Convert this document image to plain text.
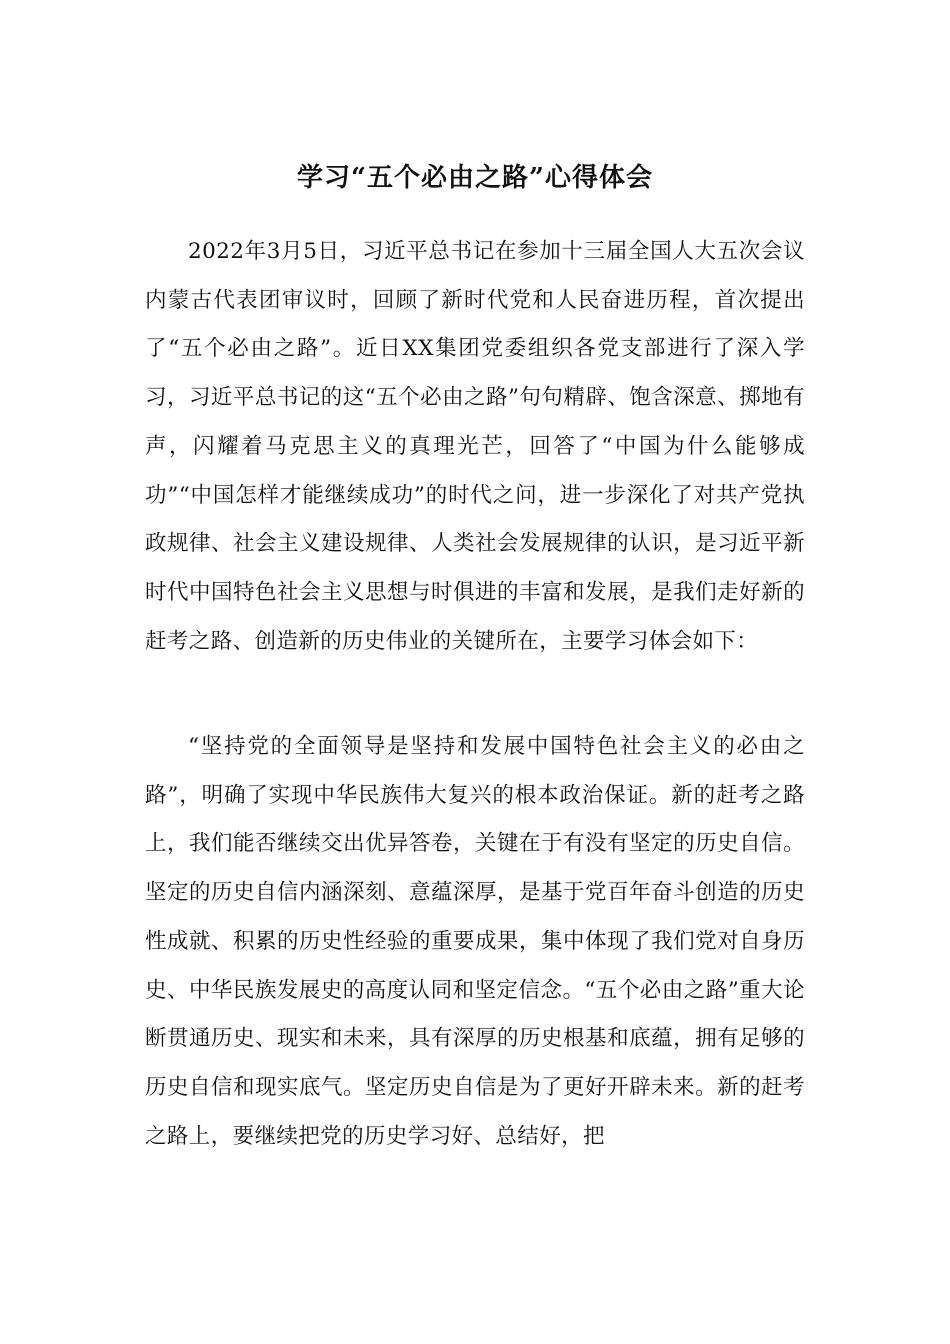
学习“五个必由之路”心得体会

2022年3月5日，习近平总书记在参加十三届全国人大五次会议内蒙古代表团审议时，回顾了新时代党和人民奋进历程，首次提出了“五个必由之路”。近日XX集团党委组织各党支部进行了深入学习，习近平总书记的这“五个必由之路”句句精辟、饱含深意、掷地有声，闪耀着马克思主义的真理光芒，回答了“中国为什么能够成功”“中国怎样才能继续成功”的时代之问，进一步深化了对共产党执政规律、社会主义建设规律、人类社会发展规律的认识，是习近平新时代中国特色社会主义思想与时俱进的丰富和发展，是我们走好新的赶考之路、创造新的历史伟业的关键所在，主要学习体会如下：

“坚持党的全面领导是坚持和发展中国特色社会主义的必由之路”，明确了实现中华民族伟大复兴的根本政治保证。新的赶考之路上，我们能否继续交出优异答卷，关键在于有没有坚定的历史自信。坚定的历史自信内涵深刻、意蕴深厚，是基于党百年奋斗创造的历史性成就、积累的历史性经验的重要成果，集中体现了我们党对自身历史、中华民族发展史的高度认同和坚定信念。“五个必由之路”重大论断贯通历史、现实和未来，具有深厚的历史根基和底蕴，拥有足够的历史自信和现实底气。坚定历史自信是为了更好开辟未来。新的赶考之路上，要继续把党的历史学习好、总结好，把
